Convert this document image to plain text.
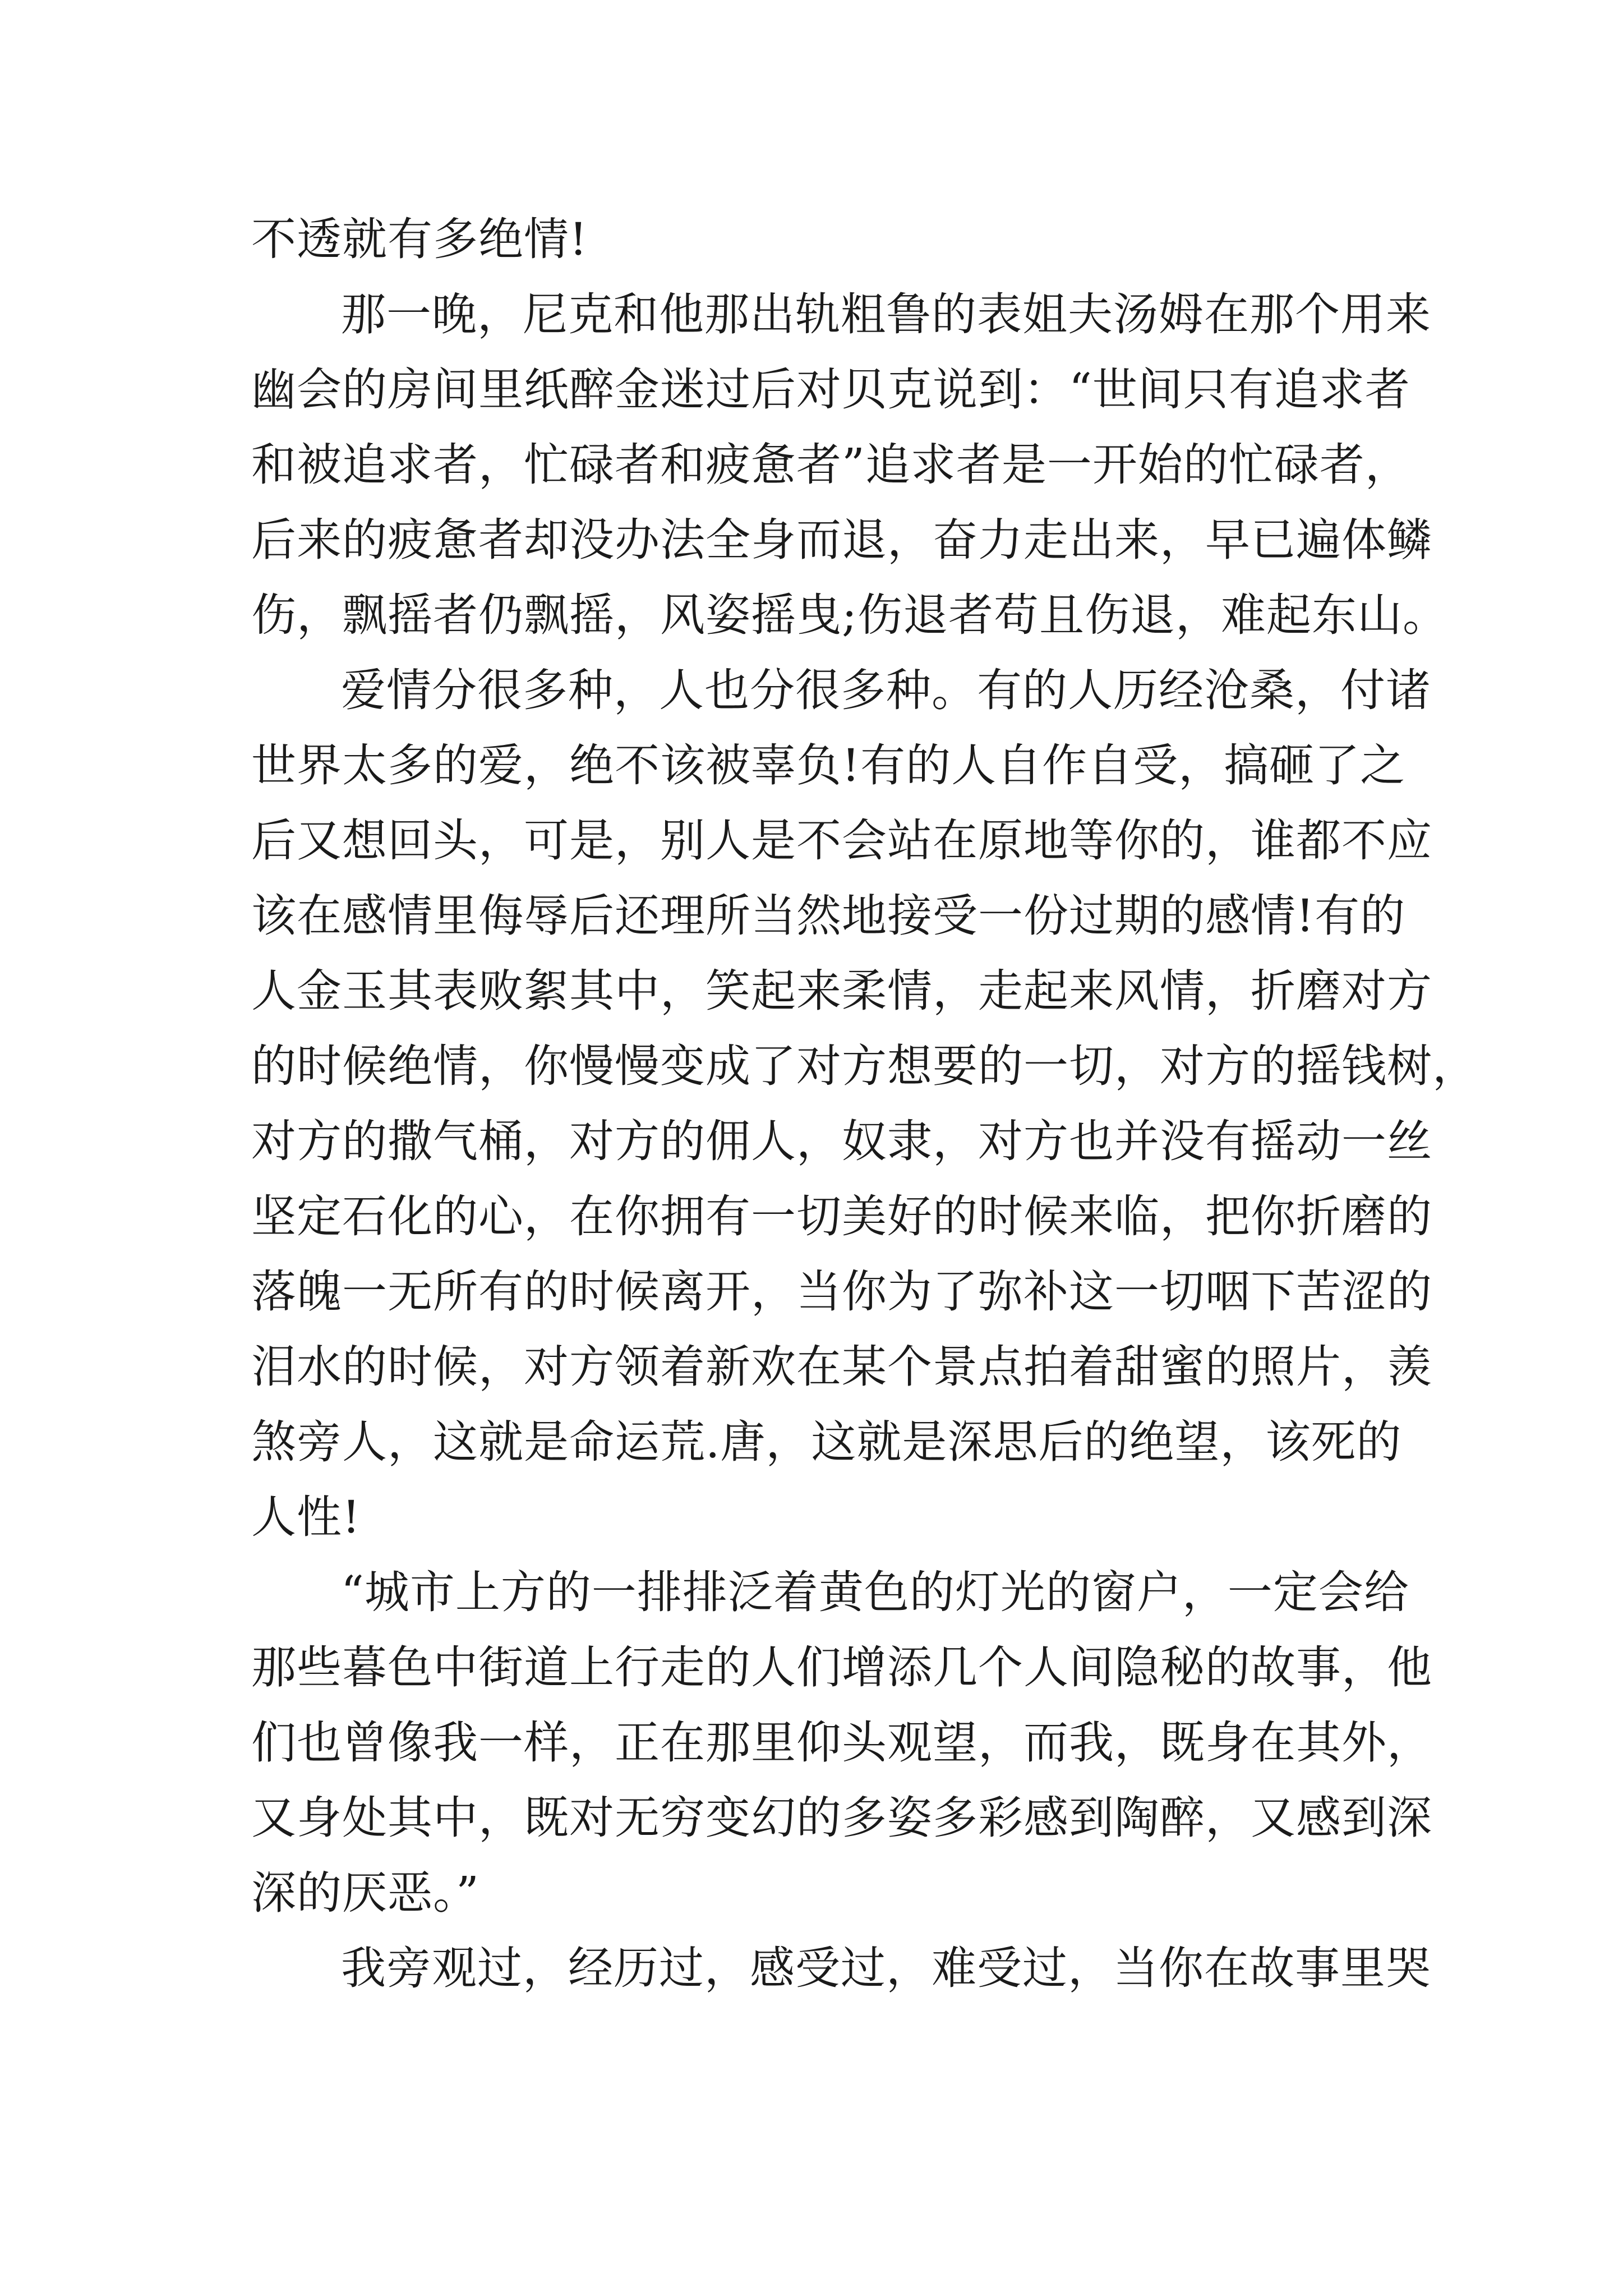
不透就有多绝情!
那一晚，尼克和他那出轨粗鲁的表姐夫汤姆在那个用来
幽会的房间里纸醉金迷过后对贝克说到：“世间只有追求者
和被追求者，忙碌者和疲惫者”追求者是一开始的忙碌者，
后来的疲惫者却没办法全身而退，奋力走出来，早已遍体鳞
伤，飘摇者仍飘摇，风姿摇曳;伤退者苟且伤退，难起东山。
爱情分很多种，人也分很多种。有的人历经沧桑，付诸
世界太多的爱，绝不该被辜负!有的人自作自受，搞砸了之
后又想回头，可是，别人是不会站在原地等你的，谁都不应
该在感情里侮辱后还理所当然地接受一份过期的感情!有的
人金玉其表败絮其中，笑起来柔情，走起来风情，折磨对方
的时候绝情，你慢慢变成了对方想要的一切，对方的摇钱树，
对方的撒气桶，对方的佣人，奴隶，对方也并没有摇动一丝
坚定石化的心，在你拥有一切美好的时候来临，把你折磨的
落魄一无所有的时候离开，当你为了弥补这一切咽下苦涩的
泪水的时候，对方领着新欢在某个景点拍着甜蜜的照片，羡
煞旁人，这就是命运荒.唐，这就是深思后的绝望，该死的
人性!
“城市上方的一排排泛着黄色的灯光的窗户，一定会给
那些暮色中街道上行走的人们增添几个人间隐秘的故事，他
们也曾像我一样，正在那里仰头观望，而我，既身在其外，
又身处其中，既对无穷变幻的多姿多彩感到陶醉，又感到深
深的厌恶。”
我旁观过，经历过，感受过，难受过，当你在故事里哭
